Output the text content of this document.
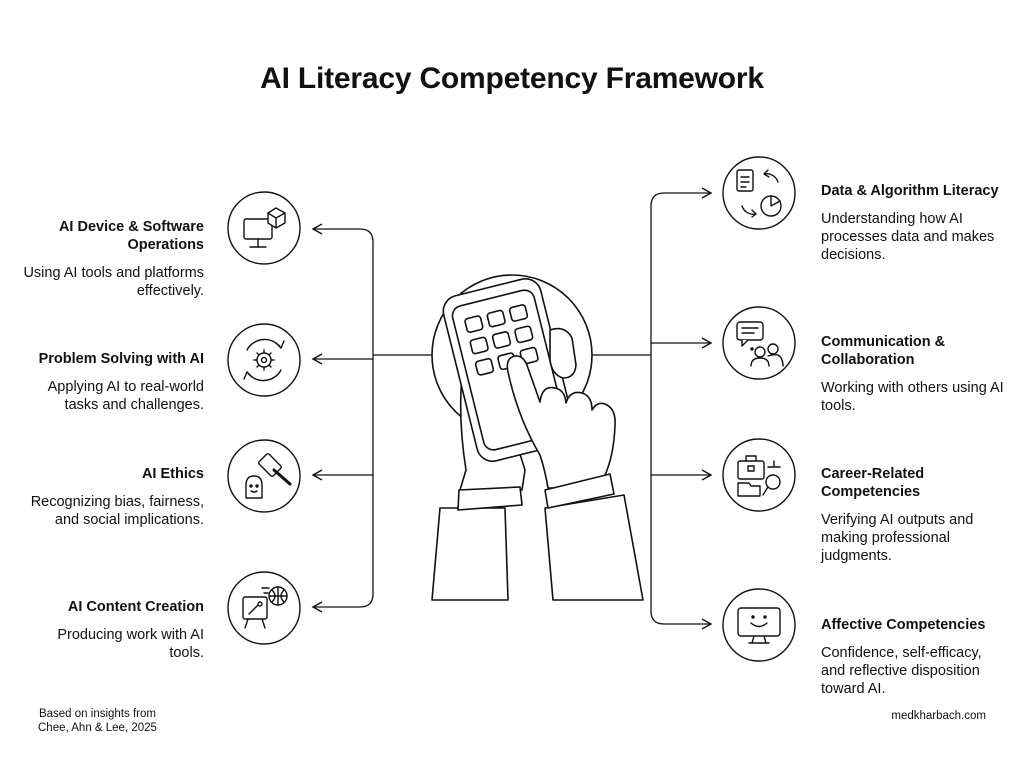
AI Literacy Competency Framework
AI Device & Software Operations

Using AI tools and platforms effectively.

Problem Solving with AI

Applying AI to real-world tasks and challenges.

AI Ethics

Recognizing bias, fairness, and social implications.

AI Content Creation

Producing work with AI tools.

Data & Algorithm Literacy

Understanding how AI processes data and makes decisions.

Communication & Collaboration

Working with others using AI tools.

Career-Related Competencies

Verifying AI outputs and making professional judgments.

Affective Competencies

Confidence, self-efficacy, and reflective disposition toward AI.

Based on insights from
Chee, Ahn & Lee, 2025
medkharbach.com
